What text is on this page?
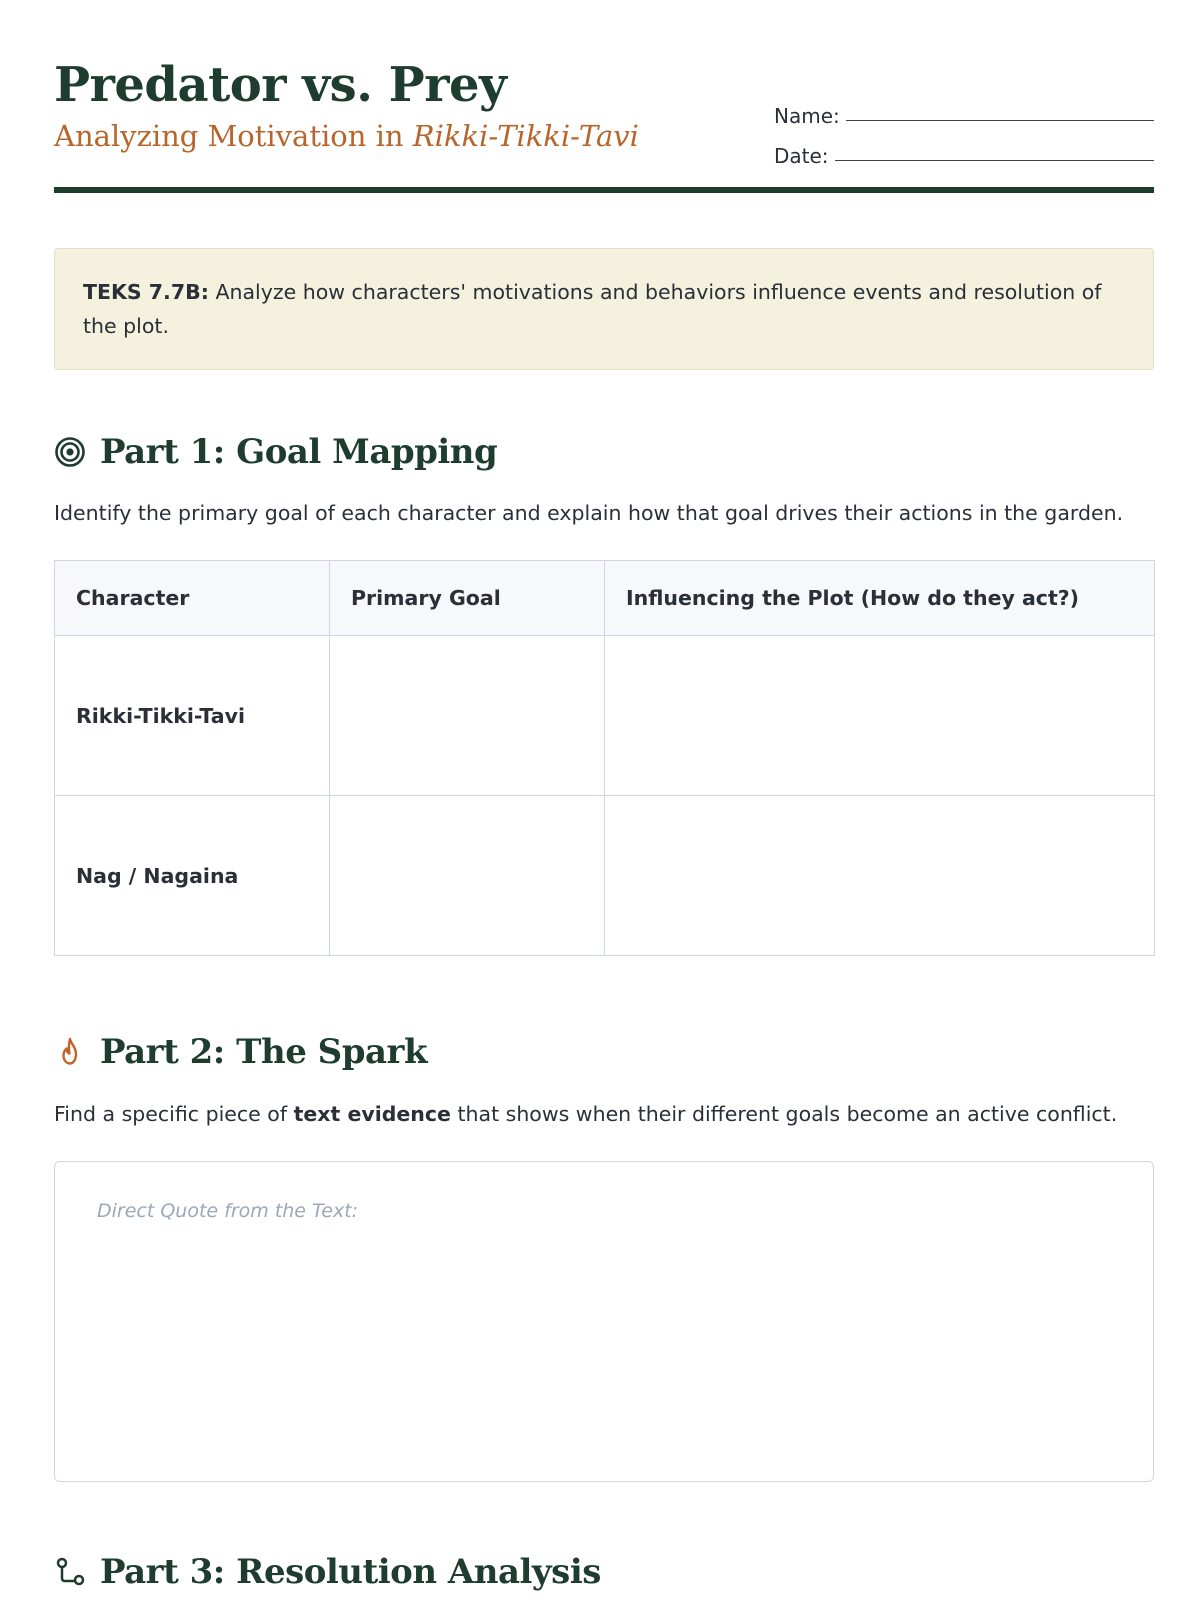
Predator vs. Prey
Analyzing Motivation in Rikki-Tikki-Tavi
Name:
Date:
TEKS 7.7B: Analyze how characters' motivations and behaviors influence events and resolution of the plot.
Part 1: Goal Mapping
Identify the primary goal of each character and explain how that goal drives their actions in the garden.
Character	Primary Goal	Influencing the Plot (How do they act?)
Rikki-Tikki-Tavi		
Nag / Nagaina		
Part 2: The Spark
Find a specific piece of text evidence that shows when their different goals become an active conflict.
Direct Quote from the Text:
Part 3: Resolution Analysis
